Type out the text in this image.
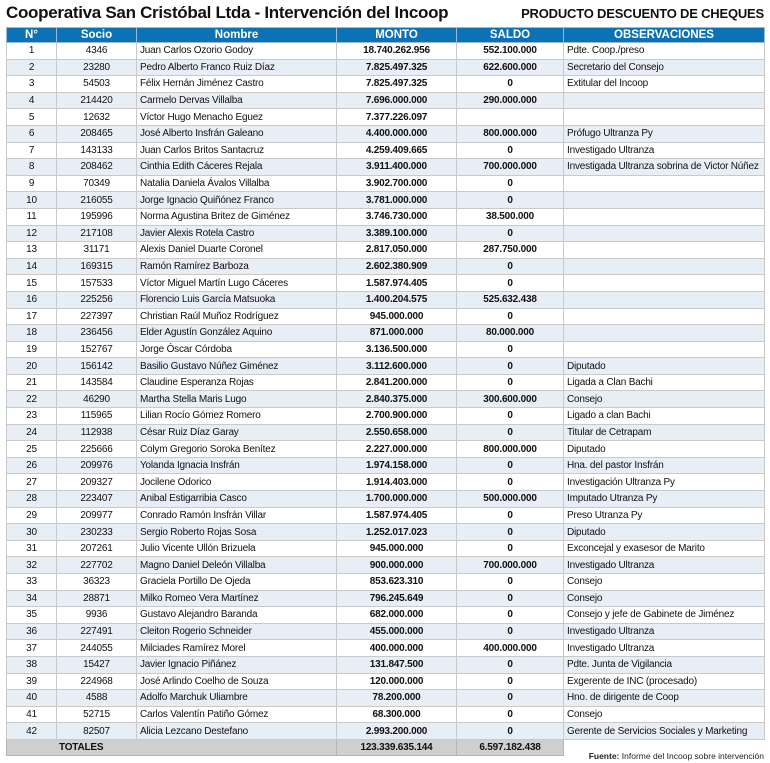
Cooperativa San Cristóbal Ltda - Intervención del Incoop	PRODUCTO DESCUENTO DE CHEQUES
N°	Socio	Nombre	MONTO	SALDO	OBSERVACIONES
1	4346	Juan Carlos Ozorio Godoy	18.740.262.956	552.100.000	Pdte. Coop./preso
2	23280	Pedro Alberto Franco Ruiz Díaz	7.825.497.325	622.600.000	Secretario del Consejo
3	54503	Félix Hernán Jiménez Castro	7.825.497.325	0	Extitular del Incoop
4	214420	Carmelo Dervas Villalba	7.696.000.000	290.000.000	
5	12632	Víctor Hugo Menacho Eguez	7.377.226.097		
6	208465	José Alberto Insfrán Galeano	4.400.000.000	800.000.000	Prófugo Ultranza Py
7	143133	Juan Carlos Britos Santacruz	4.259.409.665	0	Investigado Ultranza
8	208462	Cinthia Edith Cáceres Rejala	3.911.400.000	700.000.000	Investigada Ultranza sobrina de Victor Núñez
9	70349	Natalia Daniela Ávalos Villalba	3.902.700.000	0	
10	216055	Jorge Ignacio Quiñónez Franco	3.781.000.000	0	
11	195996	Norma Agustina Britez de Giménez	3.746.730.000	38.500.000	
12	217108	Javier Alexis Rotela Castro	3.389.100.000	0	
13	31171	Alexis Daniel Duarte Coronel	2.817.050.000	287.750.000	
14	169315	Ramón Ramírez Barboza	2.602.380.909	0	
15	157533	Víctor Miguel Martín Lugo Cáceres	1.587.974.405	0	
16	225256	Florencio Luis García Matsuoka	1.400.204.575	525.632.438	
17	227397	Christian Raúl Muñoz Rodríguez	945.000.000	0	
18	236456	Elder Agustín González Aquino	871.000.000	80.000.000	
19	152767	Jorge Óscar Córdoba	3.136.500.000	0	
20	156142	Basilio Gustavo Núñez Giménez	3.112.600.000	0	Diputado
21	143584	Claudine Esperanza Rojas	2.841.200.000	0	Ligada a Clan Bachi
22	46290	Martha Stella Maris Lugo	2.840.375.000	300.600.000	Consejo
23	115965	Lilian Rocío Gómez Romero	2.700.900.000	0	Ligado a clan Bachi
24	112938	César Ruiz Díaz Garay	2.550.658.000	0	Titular de Cetrapam
25	225666	Colym Gregorio Soroka Benítez	2.227.000.000	800.000.000	Diputado
26	209976	Yolanda Ignacia Insfrán	1.974.158.000	0	Hna. del pastor Insfrán
27	209327	Jocilene Odorico	1.914.403.000	0	Investigación Ultranza Py
28	223407	Anibal Estigarribia Casco	1.700.000.000	500.000.000	Imputado Utranza Py
29	209977	Conrado Ramón Insfrán Villar	1.587.974.405	0	Preso Utranza Py
30	230233	Sergio Roberto Rojas Sosa	1.252.017.023	0	Diputado
31	207261	Julio Vicente Ullón Brizuela	945.000.000	0	Exconcejal y exasesor de Marito
32	227702	Magno Daniel Deleón Villalba	900.000.000	700.000.000	Investigado Ultranza
33	36323	Graciela Portillo De Ojeda	853.623.310	0	Consejo
34	28871	Milko Romeo Vera Martínez	796.245.649	0	Consejo
35	9936	Gustavo Alejandro Baranda	682.000.000	0	Consejo y jefe de Gabinete de Jiménez
36	227491	Cleiton Rogerio Schneider	455.000.000	0	Investigado Ultranza
37	244055	Milciades Ramírez Morel	400.000.000	400.000.000	Investigado Ultranza
38	15427	Javier Ignacio Piñánez	131.847.500	0	Pdte. Junta de Vigilancia
39	224968	José Arlindo Coelho de Souza	120.000.000	0	Exgerente de INC (procesado)
40	4588	Adolfo Marchuk Uliambre	78.200.000	0	Hno. de dirigente de Coop
41	52715	Carlos Valentín Patiño Gómez	68.300.000	0	Consejo
42	82507	Alicia Lezcano Destefano	2.993.200.000	0	Gerente de Servicios Sociales y Marketing
TOTALES			123.339.635.144	6.597.182.438	
Fuente: Informe del Incoop sobre intervención
